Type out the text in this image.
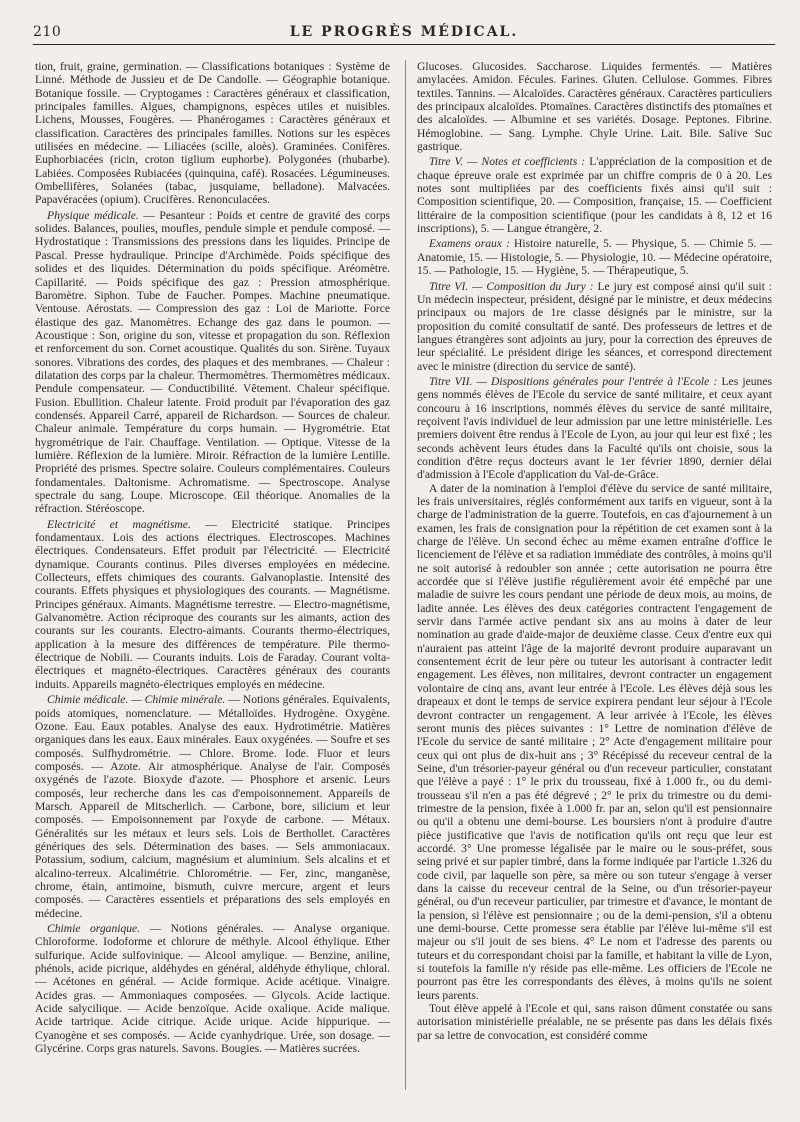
210	LE PROGRÈS MÉDICAL.

tion, fruit, graine, germination. — Classifications botaniques : Système de Linné. Méthode de Jussieu et de De Candolle. — Géographie botanique. Botanique fossile. — Cryptogames : Caractères généraux et classification, principales familles. Algues, champignons, espèces utiles et nuisibles. Lichens, Mousses, Fougères. — Phanérogames : Caractères généraux et classification. Caractères des principales familles. Notions sur les espèces utilisées en médecine. — Liliacées (scille, aloès). Graminées. Conifères. Euphorbiacées (ricin, croton tiglium euphorbe). Polygonées (rhubarbe). Labiées. Composées Rubiacées (quinquina, café). Rosacées. Légumineuses. Ombellifères, Solanées (tabac, jusquiame, belladone). Malvacées. Papavéracées (opium). Crucifères. Renonculacées.

Physique médicale. — Pesanteur : Poids et centre de gravité des corps solides. Balances, poulies, moufles, pendule simple et pendule composé. — Hydrostatique : Transmissions des pressions dans les liquides. Principe de Pascal. Presse hydraulique. Principe d'Archimède. Poids spécifique des solides et des liquides. Détermination du poids spécifique. Aréomètre. Capillarité. — Poids spécifique des gaz : Pression atmosphérique. Baromètre. Siphon. Tube de Faucher. Pompes. Machine pneumatique. Ventouse. Aérostats. — Compression des gaz : Loi de Mariotte. Force élastique des gaz. Manomètres. Echange des gaz dans le poumon. — Acoustique : Son, origine du son, vitesse et propagation du son. Réflexion et renforcement du son. Cornet acoustique. Qualités du son. Sirène. Tuyaux sonores. Vibrations des cordes, des plaques et des membranes. — Chaleur : dilatation des corps par la chaleur. Thermomètres. Thermomètres médicaux. Pendule compensateur. — Conductibilité. Vêtement. Chaleur spécifique. Fusion. Ebullition. Chaleur latente. Froid produit par l'évaporation des gaz condensés. Appareil Carré, appareil de Richardson. — Sources de chaleur. Chaleur animale. Température du corps humain. — Hygrométrie. Etat hygrométrique de l'air. Chauffage. Ventilation. — Optique. Vitesse de la lumière. Réflexion de la lumière. Miroir. Réfraction de la lumière Lentille. Propriété des prismes. Spectre solaire. Couleurs complémentaires. Couleurs fondamentales. Daltonisme. Achromatisme. — Spectroscope. Analyse spectrale du sang. Loupe. Microscope. Œil théorique. Anomalies de la réfraction. Stéréoscope.

Electricité et magnétisme. — Electricité statique. Principes fondamentaux. Lois des actions électriques. Electroscopes. Machines électriques. Condensateurs. Effet produit par l'électricité. — Electricité dynamique. Courants continus. Piles diverses employées en médecine. Collecteurs, effets chimiques des courants. Galvanoplastie. Intensité des courants. Effets physiques et physiologiques des courants. — Magnétisme. Principes généraux. Aimants. Magnétisme terrestre. — Electro-magnétisme, Galvanomètre. Action réciproque des courants sur les aimants, action des courants sur les courants. Electro-aimants. Courants thermo-électriques, application à la mesure des différences de température. Pile thermo-électrique de Nobili. — Courants induits. Lois de Faraday. Courant volta-électriques et magnéto-électriques. Caractères généraux des courants induits. Appareils magnéto-électriques employés en médecine.

Chimie médicale. — Chimie minérale. — Notions générales. Equivalents, poids atomiques, nomenclature. — Métalloïdes. Hydrogène. Oxygène. Ozone. Eau. Eaux potables. Analyse des eaux. Hydrotimétrie. Matières organiques dans les eaux. Eaux minérales. Eaux oxygénées. — Soufre et ses composés. Sulfhydrométrie. — Chlore. Brome. Iode. Fluor et leurs composés. — Azote. Air atmosphérique. Analyse de l'air. Composés oxygénés de l'azote. Bioxyde d'azote. — Phosphore et arsenic. Leurs composés, leur recherche dans les cas d'empoisonnement. Appareils de Marsch. Appareil de Mitscherlich. — Carbone, bore, silicium et leur composés. — Empoisonnement par l'oxyde de carbone. — Métaux. Généralités sur les métaux et leurs sels. Lois de Berthollet. Caractères génériques des sels. Détermination des bases. — Sels ammoniacaux. Potassium, sodium, calcium, magnésium et aluminium. Sels alcalins et et alcalino-terreux. Alcalimétrie. Chlorométrie. — Fer, zinc, manganèse, chrome, étain, antimoine, bismuth, cuivre mercure, argent et leurs composés. — Caractères essentiels et préparations des sels employés en médecine.

Chimie organique. — Notions générales. — Analyse organique. Chloroforme. Iodoforme et chlorure de méthyle. Alcool éthylique. Ether sulfurique. Acide sulfovinique. — Alcool amylique. — Benzine, aniline, phénols, acide picrique, aldéhydes en général, aldéhyde éthylique, chloral. — Acétones en général. — Acide formique. Acide acétique. Vinaigre. Acides gras. — Ammoniaques composées. — Glycols. Acide lactique. Acide salycilique. — Acide benzoïque. Acide oxalique. Acide malique. Acide tartrique. Acide citrique. Acide urique. Acide hippurique. — Cyanogène et ses composés. — Acide cyanhydrique. Urée, son dosage. — Glycérine. Corps gras naturels. Savons. Bougies. — Matières sucrées.

Glucoses. Glucosides. Saccharose. Liquides fermentés. — Matières amylacées. Amidon. Fécules. Farines. Gluten. Cellulose. Gommes. Fibres textiles. Tannins. — Alcaloïdes. Caractères généraux. Caractères particuliers des principaux alcaloïdes. Ptomaïnes. Caractères distinctifs des ptomaïnes et des alcaloïdes. — Albumine et ses variétés. Dosage. Peptones. Fibrine. Hémoglobine. — Sang. Lymphe. Chyle Urine. Lait. Bile. Salive Suc gastrique.

Titre V. — Notes et coefficients : L'appréciation de la composition et de chaque épreuve orale est exprimée par un chiffre compris de 0 à 20. Les notes sont multipliées par des coefficients fixés ainsi qu'il suit : Composition scientifique, 20. — Composition, française, 15. — Coefficient littéraire de la composition scientifique (pour les candidats à 8, 12 et 16 inscriptions), 5. — Langue étrangère, 2.

Examens oraux : Histoire naturelle, 5. — Physique, 5. — Chimie 5. — Anatomie, 15. — Histologie, 5. — Physiologie, 10. — Médecine opératoire, 15. — Pathologie, 15. — Hygiène, 5. — Thérapeutique, 5.

Titre VI. — Composition du Jury : Le jury est composé ainsi qu'il suit : Un médecin inspecteur, président, désigné par le ministre, et deux médecins principaux ou majors de 1re classe désignés par le ministre, sur la proposition du comité consultatif de santé. Des professeurs de lettres et de langues étrangères sont adjoints au jury, pour la correction des épreuves de leur spécialité. Le président dirige les séances, et correspond directement avec le ministre (direction du service de santé).

Titre VII. — Dispositions générales pour l'entrée à l'Ecole : Les jeunes gens nommés élèves de l'Ecole du service de santé militaire, et ceux ayant concouru à 16 inscriptions, nommés élèves du service de santé militaire, reçoivent l'avis individuel de leur admission par une lettre ministérielle. Les premiers doivent être rendus à l'Ecole de Lyon, au jour qui leur est fixé ; les seconds achèvent leurs études dans la Faculté qu'ils ont choisie, sous la condition d'être reçus docteurs avant le 1er février 1890, dernier délai d'admission à l'Ecole d'application du Val-de-Grâce.

A dater de la nomination à l'emploi d'élève du service de santé militaire, les frais universitaires, réglés conformément aux tarifs en vigueur, sont à la charge de l'administration de la guerre. Toutefois, en cas d'ajournement à un examen, les frais de consignation pour la répétition de cet examen sont à la charge de l'élève. Un second échec au même examen entraîne d'office le licenciement de l'élève et sa radiation immédiate des contrôles, à moins qu'il ne soit autorisé à redoubler son année ; cette autorisation ne pourra être accordée que si l'élève justifie régulièrement avoir été empêché par une maladie de suivre les cours pendant une période de deux mois, au moins, de ladite année. Les élèves des deux catégories contractent l'engagement de servir dans l'armée active pendant six ans au moins à dater de leur nomination au grade d'aide-major de deuxième classe. Ceux d'entre eux qui n'auraient pas atteint l'âge de la majorité devront produire auparavant un consentement écrit de leur père ou tuteur les autorisant à contracter ledit engagement. Les élèves, non militaires, devront contracter un engagement volontaire de cinq ans, avant leur entrée à l'Ecole. Les élèves déjà sous les drapeaux et dont le temps de service expirera pendant leur séjour à l'Ecole devront contracter un rengagement. A leur arrivée à l'Ecole, les élèves seront munis des pièces suivantes : 1° Lettre de nomination d'élève de l'Ecole du service de santé militaire ; 2° Acte d'engagement militaire pour ceux qui ont plus de dix-huit ans ; 3° Récépissé du receveur central de la Seine, d'un trésorier-payeur général ou d'un receveur particulier, constatant que l'élève a payé : 1° le prix du trousseau, fixé à 1.000 fr., ou du demi-trousseau s'il n'en a pas été dégrevé ; 2° le prix du trimestre ou du demi-trimestre de la pension, fixée à 1.000 fr. par an, selon qu'il est pensionnaire ou qu'il a obtenu une demi-bourse. Les boursiers n'ont à produire d'autre pièce justificative que l'avis de notification qu'ils ont reçu que leur est accordé. 3° Une promesse légalisée par le maire ou le sous-préfet, sous seing privé et sur papier timbré, dans la forme indiquée par l'article 1.326 du code civil, par laquelle son père, sa mère ou son tuteur s'engage à verser dans la caisse du receveur central de la Seine, ou d'un trésorier-payeur général, ou d'un receveur particulier, par trimestre et d'avance, le montant de la pension, si l'élève est pensionnaire ; ou de la demi-pension, s'il a obtenu une demi-bourse. Cette promesse sera établie par l'élève lui-même s'il est majeur ou s'il jouit de ses biens. 4° Le nom et l'adresse des parents ou tuteurs et du correspondant choisi par la famille, et habitant la ville de Lyon, si toutefois la famille n'y réside pas elle-même. Les officiers de l'Ecole ne pourront pas être les correspondants des élèves, à moins qu'ils ne soient leurs parents.

Tout élève appelé à l'Ecole et qui, sans raison dûment constatée ou sans autorisation ministérielle préalable, ne se présente pas dans les délais fixés par sa lettre de convocation, est considéré comme
